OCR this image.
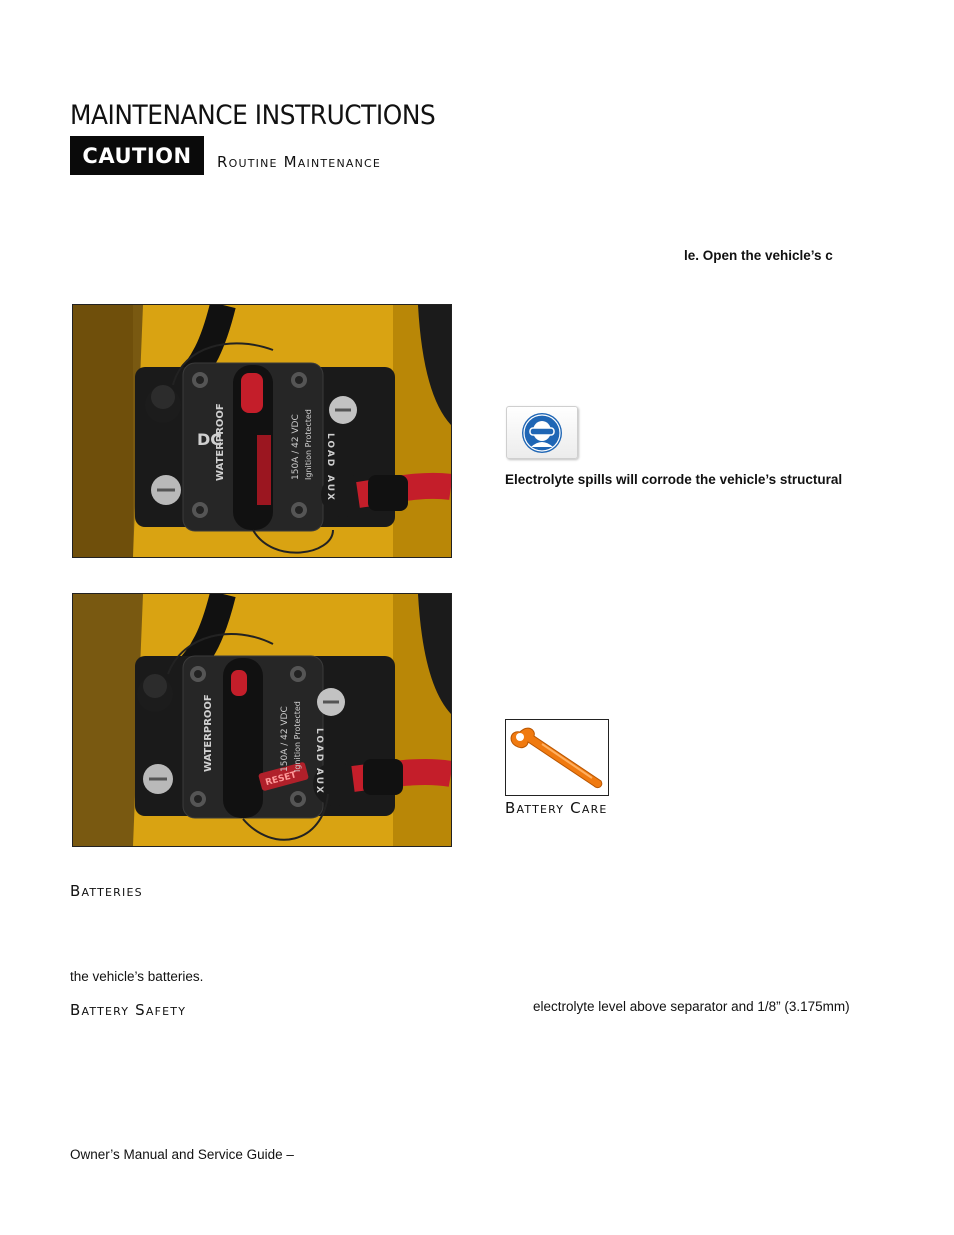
MAINTENANCE INSTRUCTIONS
CAUTION	Routine Maintenance
le. Open the vehicle’s c
DC
WATERPROOF	150A / 42 VDC Ignition Protected LOAD
AUX
RESET
WATERPROOF	150A / 42 VDC Ignition Protected LOAD
AUX
Electrolyte spills will corrode the vehicle’s structural
Battery Care
Batteries
the vehicle’s batteries.
Battery Safety	electrolyte level above separator and 1/8” (3.175mm)
Owner’s Manual and Service Guide –
